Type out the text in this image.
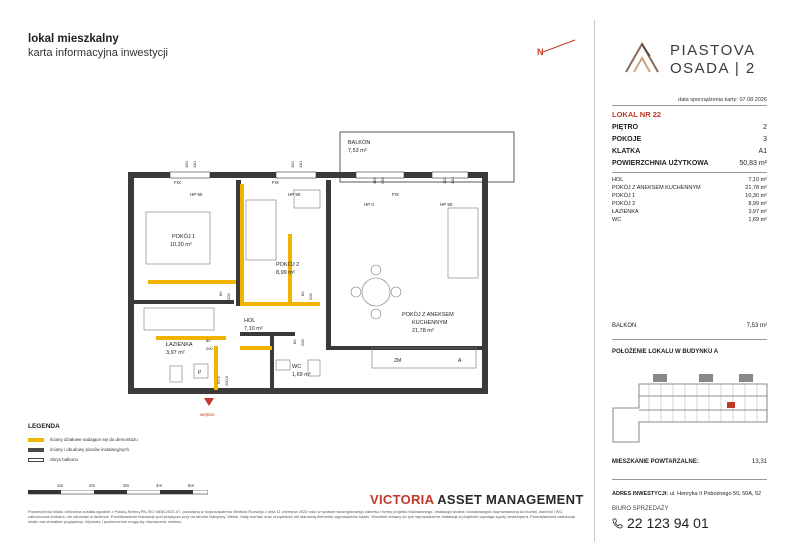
lokal mieszkalny
karta informacyjna inwestycji	N	PIASTOVA
OSADA | 2
data sporządzenia karty: 07.08.2026
LOKAL NR 22
PIĘTRO	2
POKOJE	3
KLATKA	A1
POWIERZCHNIA UŻYTKOWA	50,83 m²
HOL	7,10 m²
POKÓJ Z ANEKSEM KUCHENNYM	21,78 m²
POKÓJ 1	10,30 m²
POKÓJ 2	8,99 m²
ŁAZIENKA	3,97 m²
WC	1,69 m²
BALKON	7,53 m²
POŁOŻENIE LOKALU W BUDYNKU A
MIESZKANIE POWTARZALNE:	13,31
ADRES INWESTYCJI: ul. Henryka II Pobożnego 50, 50A, 52
BIURO SPRZEDAŻY
22 123 94 01
LEGENDA
ściany działowe nadające się do demontażu
ściany i obudowy pionów instalacyjnych
obrys balkonu
1m	2m	3m	4m	5m
VICTORIA ASSET MANAGEMENT
Powierzchnia lokalu obliczona została zgodnie z Polską Normą PN-ISO 9836:2022-07, powołaną w rozporządzeniu Ministra Rozwoju z dnia 11 września 2020 roku w sprawie szczegółowego zakresu i formy projektu budowlanego. Instalacja wodna i kanalizacyjna doprowadzona do kuchni, łazienki i WC, zakończona korkami, nie zdrowaw w łazience. Przedstawione instalacje pod przyłącza przy na stronie Nabywcy. Meble, biały montaż oraz urządzenia nie stanowią elementu wyposażenia lokalu. Wszelkie zmiany (w tym wprowadzenie instalacji w projekcie wymaga zgody dewelopera. Przedstawiona aranżacja lokalu ma charakter poglądowy. Wymiary i powierzchnie mogą się nieznacznie zmienić.
BALKON
7,53 m²
POKÓJ 1
10,30 m²
POKÓJ 2
8,99 m²
POKÓJ Z ANEKSEM
KUCHENNYM
21,78 m²
HOL
7,10 m²
ŁAZIENKA
3,97 m²
WC
1,69 m²
FIX
HP 90
FIX
HP 90
HP 0
FIX
HP 90
160 140	160 140
160 230	110 140
80 200	80 200
80
200
80 200
92,6 200,6
P
ZM	A
wejście
